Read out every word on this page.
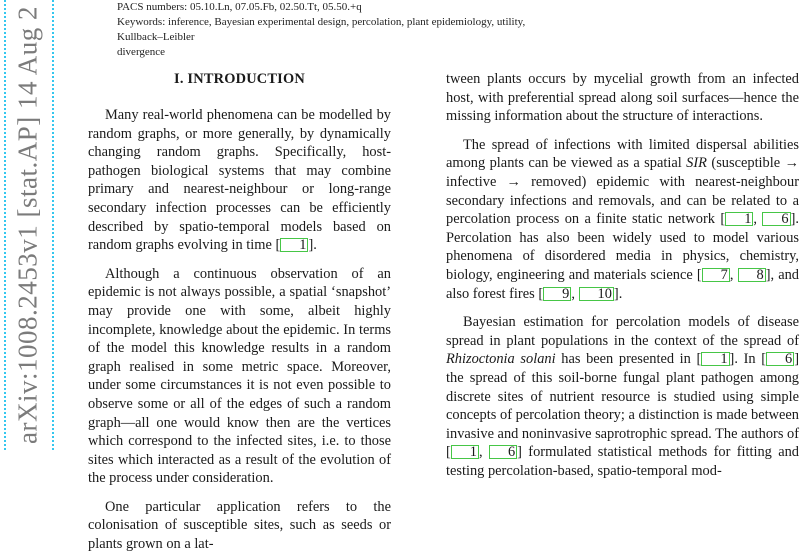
arXiv:1008.2453v1 [stat.AP] 14 Aug 2	PACS numbers: 05.10.Ln, 07.05.Fb, 02.50.Tt, 05.50.+q

Keywords: inference, Bayesian experimental design, percolation, plant epidemiology, utility, Kullback–Leibler
divergence
I. INTRODUCTION

Many real-world phenomena can be modelled by random graphs, or more generally, by dynamically changing random graphs. Specifically, host-pathogen biological systems that may combine primary and nearest-neighbour or long-range secondary infection processes can be efficiently described by spatio-temporal models based on random graphs evolving in time [ 1 ].

Although a continuous observation of an epidemic is not always possible, a spatial ‘snapshot’ may provide one with some, albeit highly incomplete, knowledge about the epidemic. In terms of the model this knowledge results in a random graph realised in some metric space. Moreover, under some circumstances it is not even possible to observe some or all of the edges of such a random graph—all one would know then are the vertices which correspond to the infected sites, i.e. to those sites which interacted as a result of the evolution of the process under consideration.

One particular application refers to the colonisation of susceptible sites, such as seeds or plants grown on a lat-

tween plants occurs by mycelial growth from an infected host, with preferential spread along soil surfaces—hence the missing information about the structure of interactions.

The spread of infections with limited dispersal abilities among plants can be viewed as a spatial SIR (susceptible → infective → removed) epidemic with nearest-neighbour secondary infections and removals, and can be related to a percolation process on a finite static network [ 1 , 6 ]. Percolation has also been widely used to model various phenomena of disordered media in physics, chemistry, biology, engineering and materials science [ 7 , 8 ], and also forest fires [ 9 , 10 ].

Bayesian estimation for percolation models of disease spread in plant populations in the context of the spread of Rhizoctonia solani has been presented in [ 1 ]. In [ 6 ] the spread of this soil-borne fungal plant pathogen among discrete sites of nutrient resource is studied using simple concepts of percolation theory; a distinction is made between invasive and noninvasive saprotrophic spread. The authors of [ 1 , 6 ] formulated statistical methods for fitting and testing percolation-based, spatio-temporal mod-
